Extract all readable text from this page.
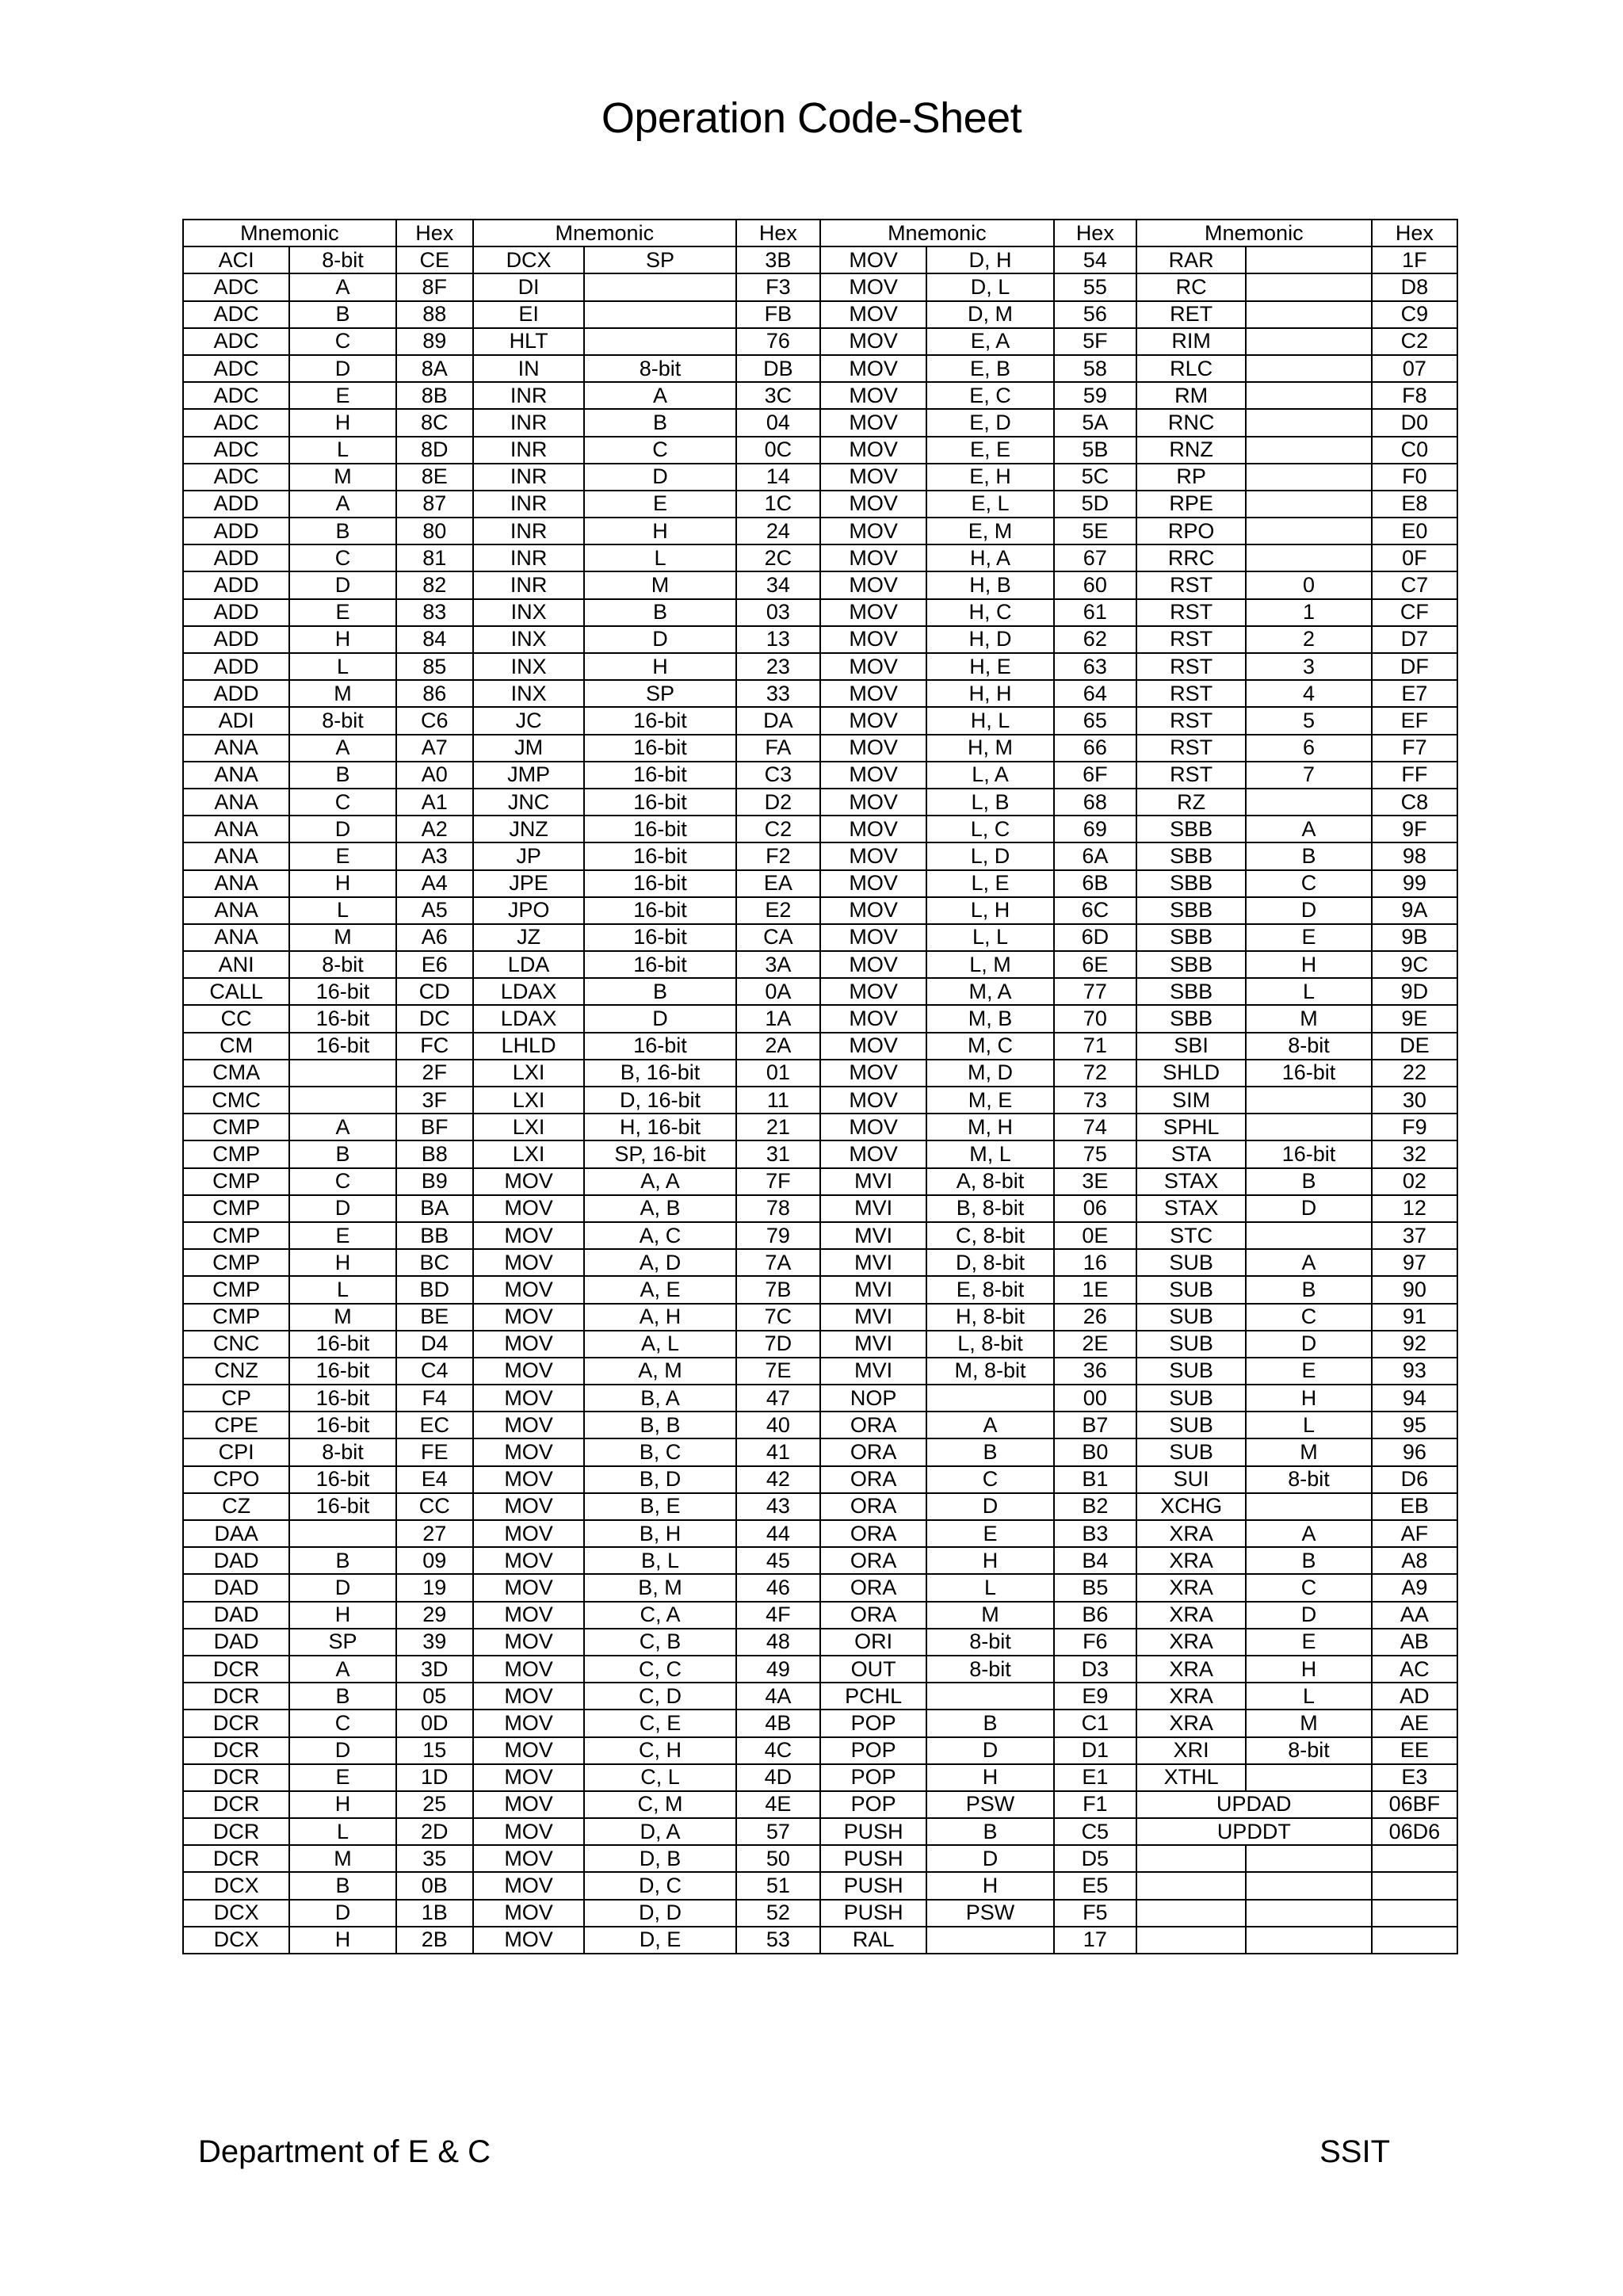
Operation Code-Sheet
Mnemonic		Hex	Mnemonic		Hex	Mnemonic		Hex	Mnemonic		Hex
ACI	8-bit	CE	DCX	SP	3B	MOV	D, H	54	RAR		1F
ADC	A	8F	DI		F3	MOV	D, L	55	RC		D8
ADC	B	88	EI		FB	MOV	D, M	56	RET		C9
ADC	C	89	HLT		76	MOV	E, A	5F	RIM		C2
ADC	D	8A	IN	8-bit	DB	MOV	E, B	58	RLC		07
ADC	E	8B	INR	A	3C	MOV	E, C	59	RM		F8
ADC	H	8C	INR	B	04	MOV	E, D	5A	RNC		D0
ADC	L	8D	INR	C	0C	MOV	E, E	5B	RNZ		C0
ADC	M	8E	INR	D	14	MOV	E, H	5C	RP		F0
ADD	A	87	INR	E	1C	MOV	E, L	5D	RPE		E8
ADD	B	80	INR	H	24	MOV	E, M	5E	RPO		E0
ADD	C	81	INR	L	2C	MOV	H, A	67	RRC		0F
ADD	D	82	INR	M	34	MOV	H, B	60	RST	0	C7
ADD	E	83	INX	B	03	MOV	H, C	61	RST	1	CF
ADD	H	84	INX	D	13	MOV	H, D	62	RST	2	D7
ADD	L	85	INX	H	23	MOV	H, E	63	RST	3	DF
ADD	M	86	INX	SP	33	MOV	H, H	64	RST	4	E7
ADI	8-bit	C6	JC	16-bit	DA	MOV	H, L	65	RST	5	EF
ANA	A	A7	JM	16-bit	FA	MOV	H, M	66	RST	6	F7
ANA	B	A0	JMP	16-bit	C3	MOV	L, A	6F	RST	7	FF
ANA	C	A1	JNC	16-bit	D2	MOV	L, B	68	RZ		C8
ANA	D	A2	JNZ	16-bit	C2	MOV	L, C	69	SBB	A	9F
ANA	E	A3	JP	16-bit	F2	MOV	L, D	6A	SBB	B	98
ANA	H	A4	JPE	16-bit	EA	MOV	L, E	6B	SBB	C	99
ANA	L	A5	JPO	16-bit	E2	MOV	L, H	6C	SBB	D	9A
ANA	M	A6	JZ	16-bit	CA	MOV	L, L	6D	SBB	E	9B
ANI	8-bit	E6	LDA	16-bit	3A	MOV	L, M	6E	SBB	H	9C
CALL	16-bit	CD	LDAX	B	0A	MOV	M, A	77	SBB	L	9D
CC	16-bit	DC	LDAX	D	1A	MOV	M, B	70	SBB	M	9E
CM	16-bit	FC	LHLD	16-bit	2A	MOV	M, C	71	SBI	8-bit	DE
CMA		2F	LXI	B, 16-bit	01	MOV	M, D	72	SHLD	16-bit	22
CMC		3F	LXI	D, 16-bit	11	MOV	M, E	73	SIM		30
CMP	A	BF	LXI	H, 16-bit	21	MOV	M, H	74	SPHL		F9
CMP	B	B8	LXI	SP, 16-bit	31	MOV	M, L	75	STA	16-bit	32
CMP	C	B9	MOV	A, A	7F	MVI	A, 8-bit	3E	STAX	B	02
CMP	D	BA	MOV	A, B	78	MVI	B, 8-bit	06	STAX	D	12
CMP	E	BB	MOV	A, C	79	MVI	C, 8-bit	0E	STC		37
CMP	H	BC	MOV	A, D	7A	MVI	D, 8-bit	16	SUB	A	97
CMP	L	BD	MOV	A, E	7B	MVI	E, 8-bit	1E	SUB	B	90
CMP	M	BE	MOV	A, H	7C	MVI	H, 8-bit	26	SUB	C	91
CNC	16-bit	D4	MOV	A, L	7D	MVI	L, 8-bit	2E	SUB	D	92
CNZ	16-bit	C4	MOV	A, M	7E	MVI	M, 8-bit	36	SUB	E	93
CP	16-bit	F4	MOV	B, A	47	NOP		00	SUB	H	94
CPE	16-bit	EC	MOV	B, B	40	ORA	A	B7	SUB	L	95
CPI	8-bit	FE	MOV	B, C	41	ORA	B	B0	SUB	M	96
CPO	16-bit	E4	MOV	B, D	42	ORA	C	B1	SUI	8-bit	D6
CZ	16-bit	CC	MOV	B, E	43	ORA	D	B2	XCHG		EB
DAA		27	MOV	B, H	44	ORA	E	B3	XRA	A	AF
DAD	B	09	MOV	B, L	45	ORA	H	B4	XRA	B	A8
DAD	D	19	MOV	B, M	46	ORA	L	B5	XRA	C	A9
DAD	H	29	MOV	C, A	4F	ORA	M	B6	XRA	D	AA
DAD	SP	39	MOV	C, B	48	ORI	8-bit	F6	XRA	E	AB
DCR	A	3D	MOV	C, C	49	OUT	8-bit	D3	XRA	H	AC
DCR	B	05	MOV	C, D	4A	PCHL		E9	XRA	L	AD
DCR	C	0D	MOV	C, E	4B	POP	B	C1	XRA	M	AE
DCR	D	15	MOV	C, H	4C	POP	D	D1	XRI	8-bit	EE
DCR	E	1D	MOV	C, L	4D	POP	H	E1	XTHL		E3
DCR	H	25	MOV	C, M	4E	POP	PSW	F1	UPDAD		06BF
DCR	L	2D	MOV	D, A	57	PUSH	B	C5	UPDDT		06D6
DCR	M	35	MOV	D, B	50	PUSH	D	D5			
DCX	B	0B	MOV	D, C	51	PUSH	H	E5			
DCX	D	1B	MOV	D, D	52	PUSH	PSW	F5			
DCX	H	2B	MOV	D, E	53	RAL		17			
Department of E & C	SSIT
